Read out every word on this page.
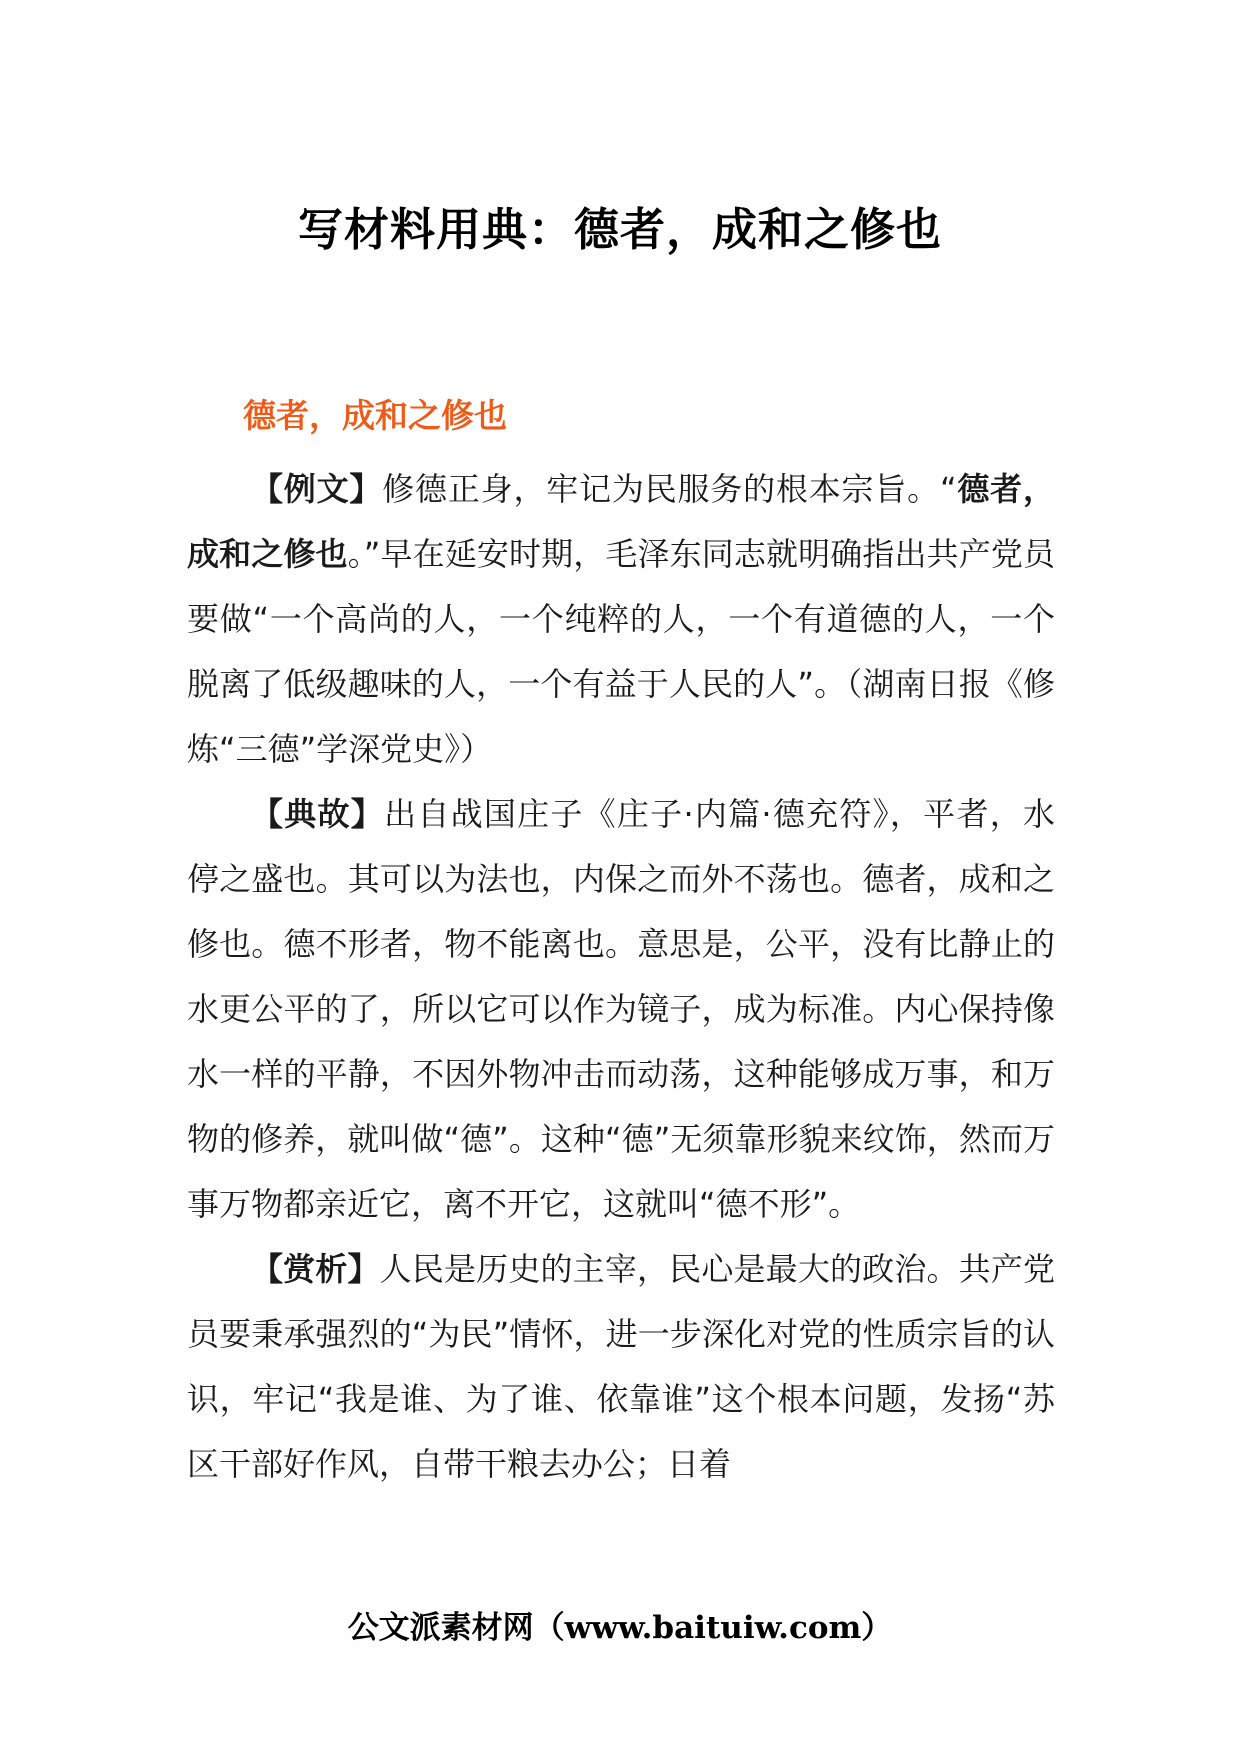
写材料用典：德者，成和之修也
德者，成和之修也

【例文】修德正身，牢记为民服务的根本宗旨。“德者，成和之修也。”早在延安时期，毛泽东同志就明确指出共产党员要做“一个高尚的人，一个纯粹的人，一个有道德的人，一个脱离了低级趣味的人，一个有益于人民的人”。（湖南日报《修炼“三德”学深党史》）

【典故】出自战国庄子《庄子·内篇·德充符》，平者，水停之盛也。其可以为法也，内保之而外不荡也。德者，成和之修也。德不形者，物不能离也。意思是，公平，没有比静止的水更公平的了，所以它可以作为镜子，成为标准。内心保持像水一样的平静，不因外物冲击而动荡，这种能够成万事，和万物的修养，就叫做“德”。这种“德”无须靠形貌来纹饰，然而万事万物都亲近它，离不开它，这就叫“德不形”。

【赏析】人民是历史的主宰，民心是最大的政治。共产党员要秉承强烈的“为民”情怀，进一步深化对党的性质宗旨的认识，牢记“我是谁、为了谁、依靠谁”这个根本问题，发扬“苏区干部好作风，自带干粮去办公；日着

公文派素材网（www.baituiw.com）
